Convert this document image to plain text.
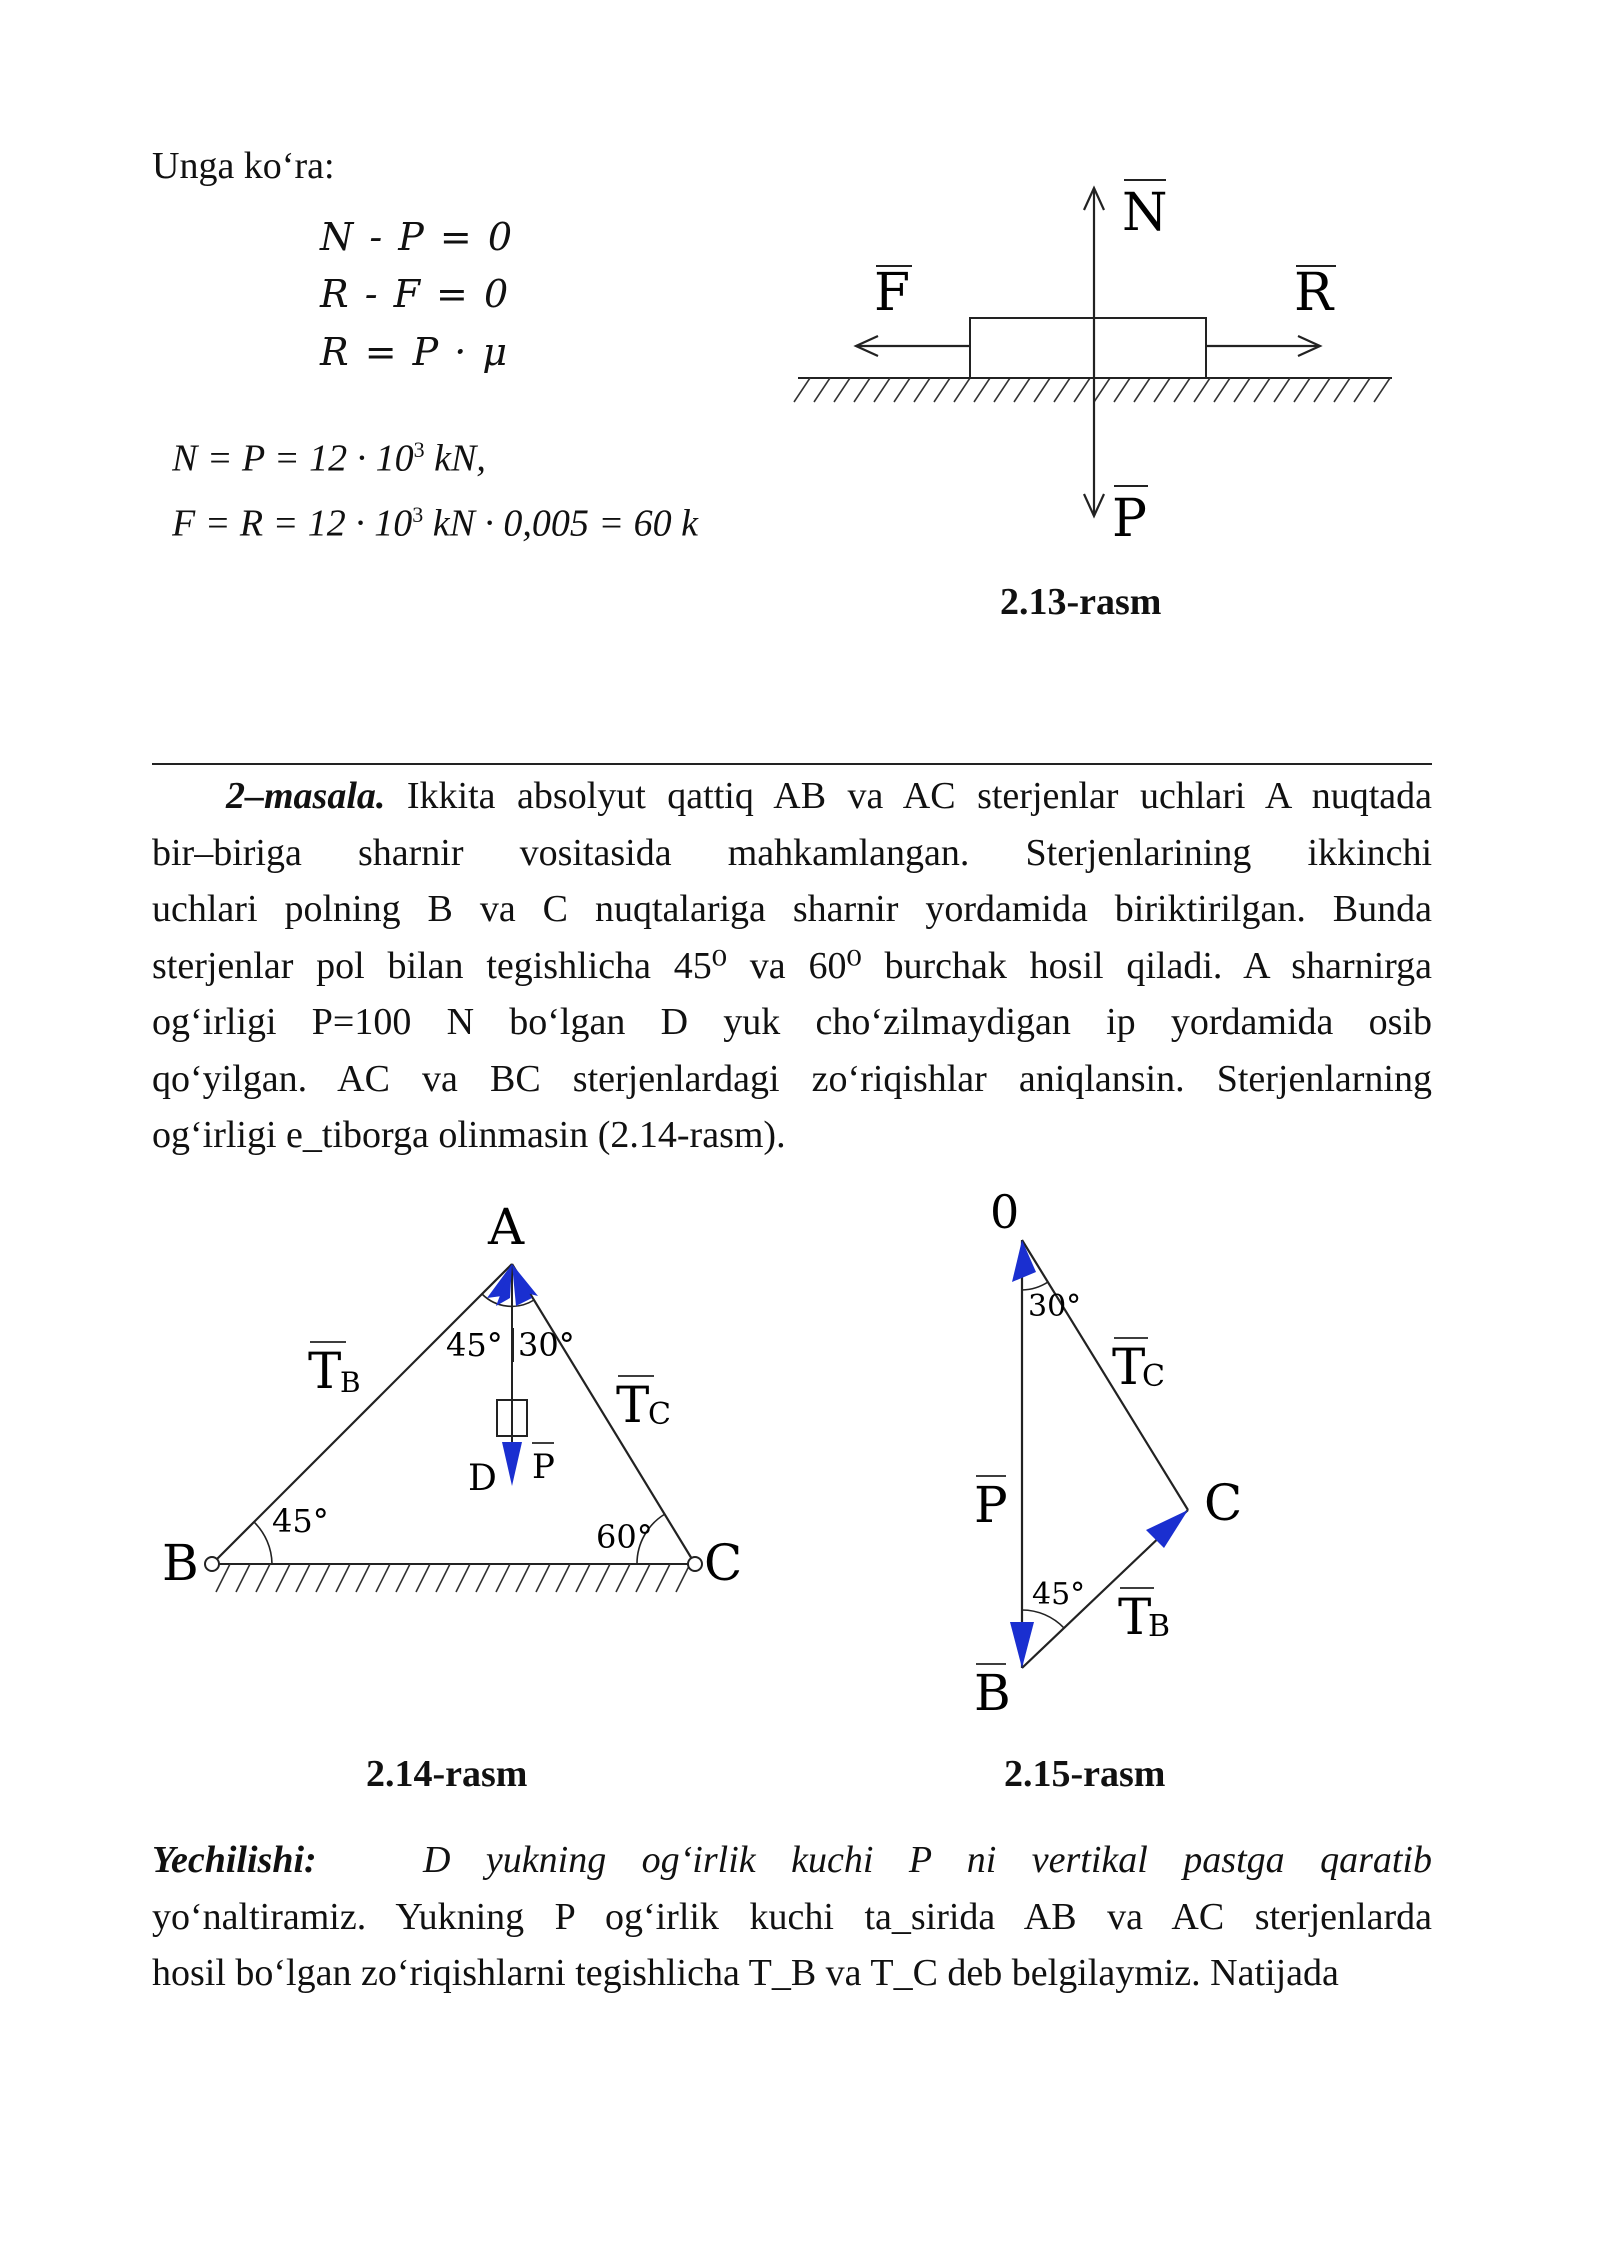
Unga ko‘ra:
N - P = 0
R - F = 0
R = P · μ
$N = P = 12 \cdot 10^3$ kN,
$F = R = 12 \cdot 10^3$ kN · 0,005 = 60 k
N
F	R
P
2.13-rasm
2–masala. Ikkita absolyut qattiq AB va AC sterjenlar uchlari A nuqtada
bir–biriga sharnir vositasida mahkamlangan. Sterjenlarining ikkinchi
uchlari polning B va C nuqtalariga sharnir yordamida biriktirilgan. Bunda
sterjenlar pol bilan tegishlicha 45⁰ va 60⁰ burchak hosil qiladi. A sharnirga
og‘irligi P=100 N bo‘lgan D yuk cho‘zilmaydigan ip yordamida osib
qo‘yilgan. AC va BC sterjenlardagi zo‘riqishlar aniqlansin. Sterjenlarning
og‘irligi e_tiborga olinmasin (2.14-rasm).
A
B	C
D P
T
B	T
C
45° 30°
45°	60°
2.14-rasm
0
30°
T
C
P	C
45° T
B
B
2.15-rasm
Yechilishi:	D yukning og‘irlik kuchi P ni vertikal pastga qaratib
yo‘naltiramiz. Yukning P og‘irlik kuchi ta_sirida AB va AC sterjenlarda
hosil bo‘lgan zo‘riqishlarni tegishlicha T_B va T_C deb belgilaymiz. Natijada
